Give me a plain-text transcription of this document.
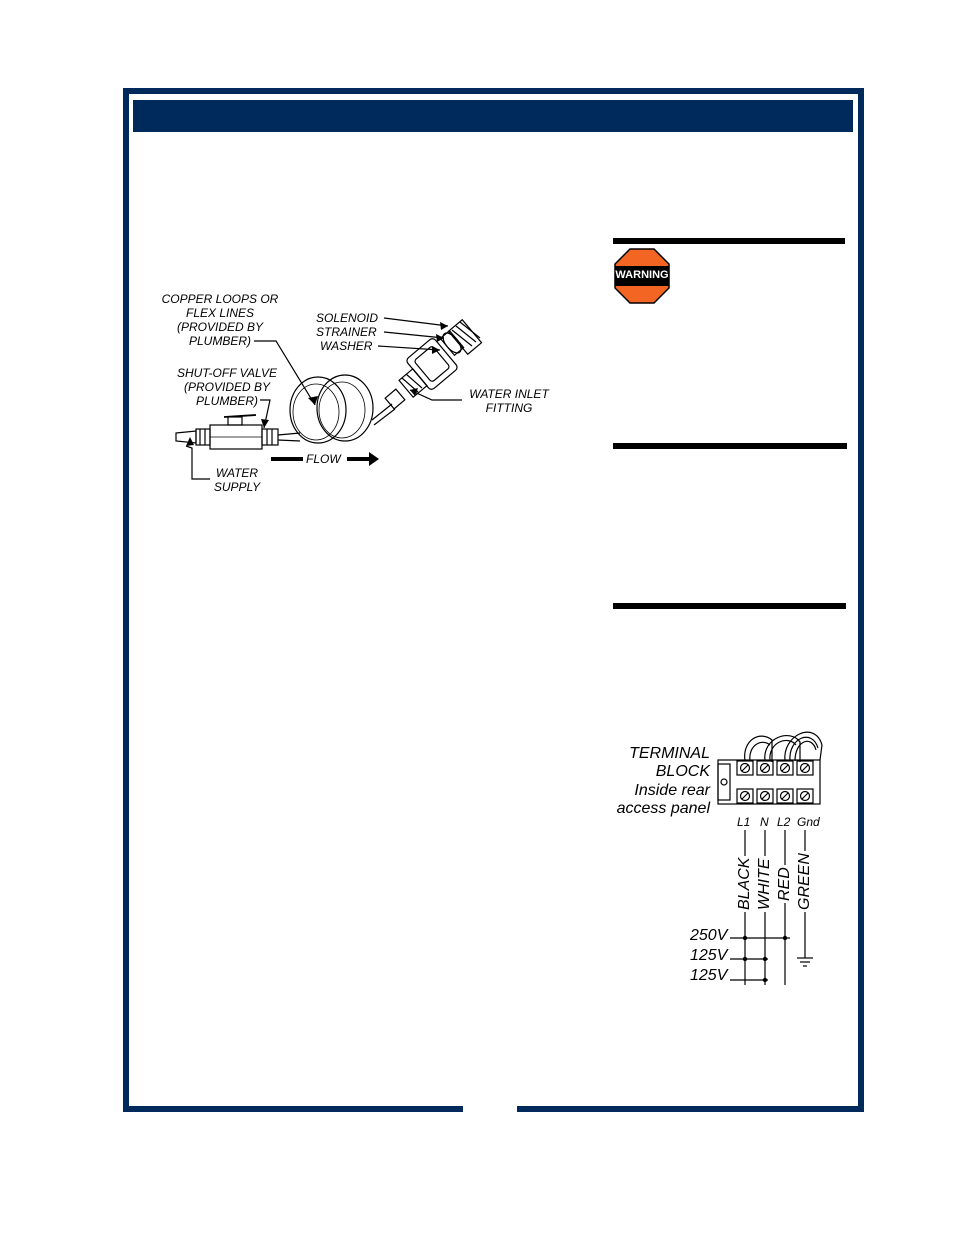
WARNING
COPPER LOOPS OR
FLEX LINES
(PROVIDED BY
PLUMBER)
SHUT-OFF VALVE
(PROVIDED BY
PLUMBER)
SOLENOID
STRAINER
WASHER
WATER INLET
FITTING
WATER
SUPPLY
FLOW
TERMINAL
BLOCK
Inside rear
access panel
L1 N L2 Gnd
BLACK WHITE RED GREEN
250V
125V
125V
